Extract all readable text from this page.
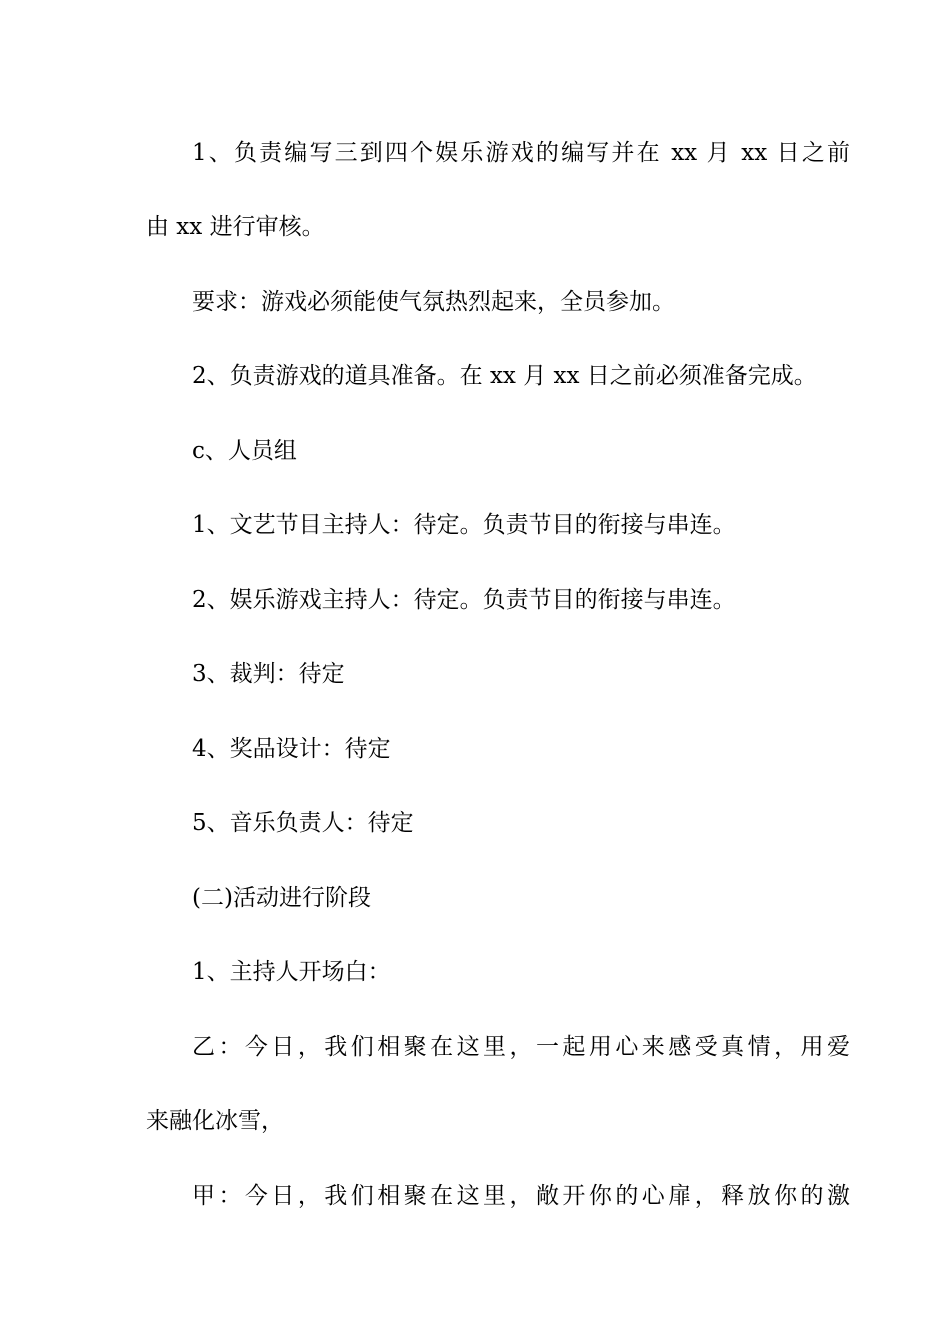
1、负责编写三到四个娱乐游戏的编写并在 xx 月 xx 日之前
由 xx 进行审核。
要求：游戏必须能使气氛热烈起来，全员参加。
2、负责游戏的道具准备。在 xx 月 xx 日之前必须准备完成。
c、人员组
1、文艺节目主持人：待定。负责节目的衔接与串连。
2、娱乐游戏主持人：待定。负责节目的衔接与串连。
3、裁判：待定
4、奖品设计：待定
5、音乐负责人：待定
(二)活动进行阶段
1、主持人开场白：
乙：今日，我们相聚在这里，一起用心来感受真情，用爱
来融化冰雪，
甲：今日，我们相聚在这里，敞开你的心扉，释放你的激
